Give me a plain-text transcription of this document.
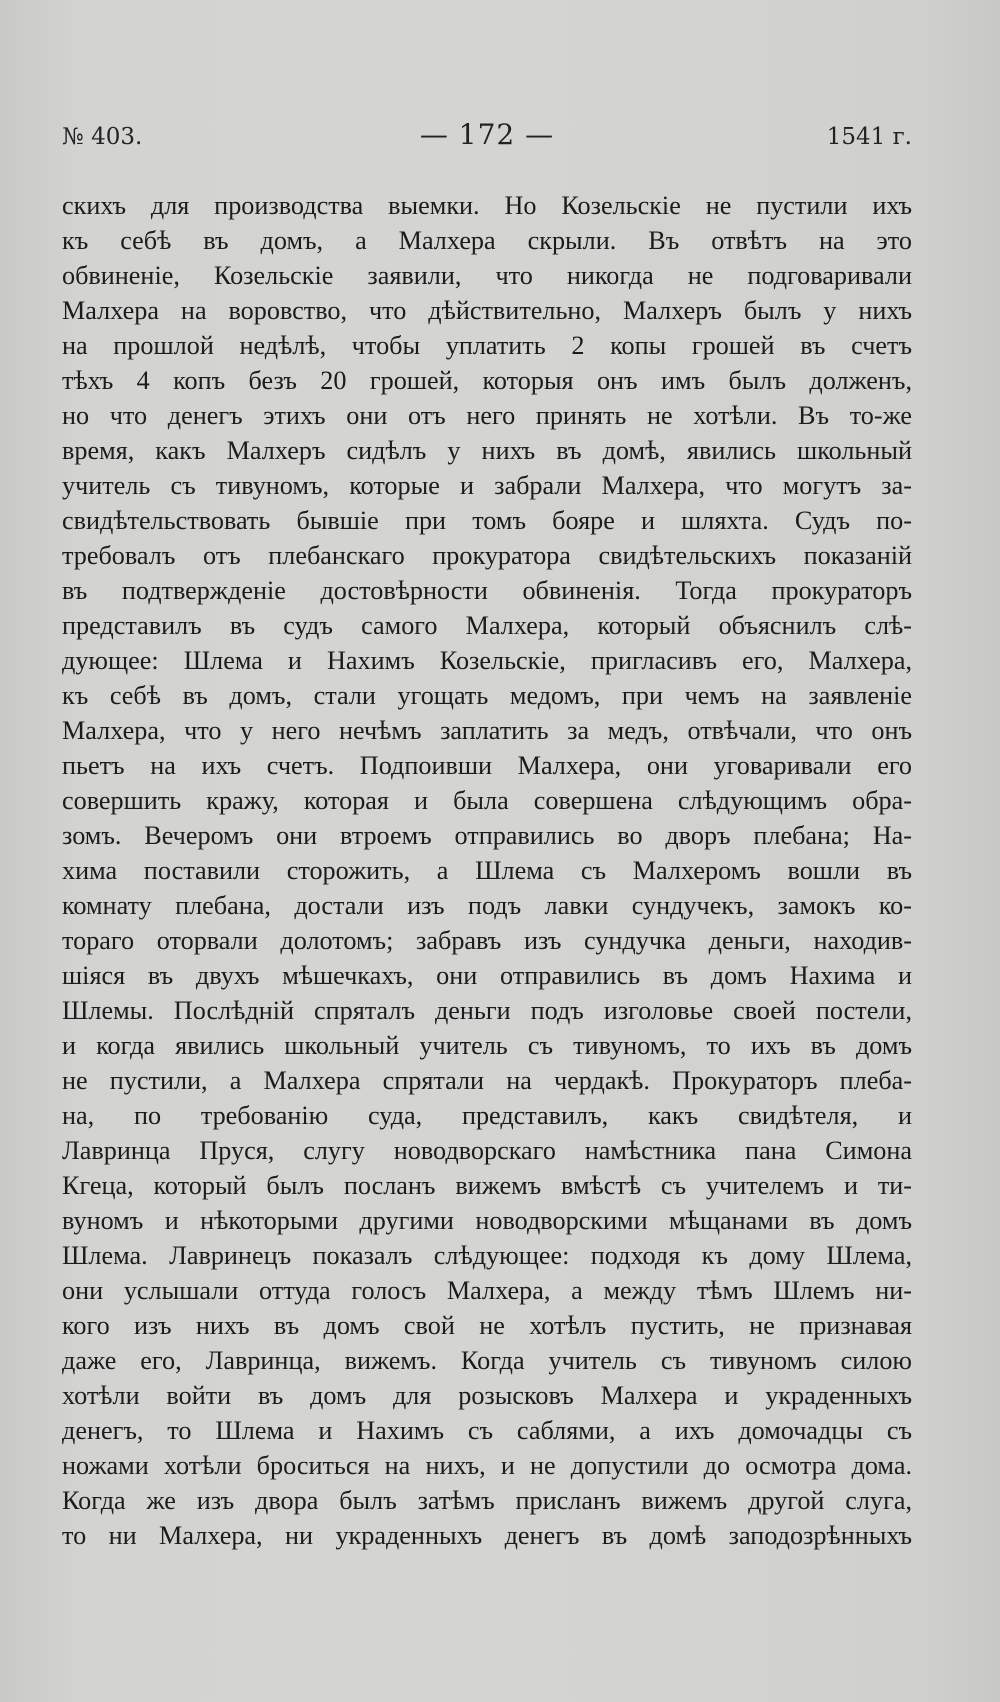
№ 403.	— 172 —	1541 г.
скихъ для производства выемки. Но Козельскіе не пустили ихъ
къ себѣ въ домъ, а Малхера скрыли. Въ отвѣтъ на это
обвиненіе, Козельскіе заявили, что никогда не подговаривали
Малхера на воровство, что дѣйствительно, Малхеръ былъ у нихъ
на прошлой недѣлѣ, чтобы уплатить 2 копы грошей въ счетъ
тѣхъ 4 копъ безъ 20 грошей, которыя онъ имъ былъ долженъ,
но что денегъ этихъ они отъ него принять не хотѣли. Въ то-же
время, какъ Малхеръ сидѣлъ у нихъ въ домѣ, явились школьный
учитель съ тивуномъ, которые и забрали Малхера, что могутъ за-
свидѣтельствовать бывшіе при томъ бояре и шляхта. Судъ по-
требовалъ отъ плебанскаго прокуратора свидѣтельскихъ показаній
въ подтвержденіе достовѣрности обвиненія. Тогда прокураторъ
представилъ въ судъ самого Малхера, который объяснилъ слѣ-
дующее: Шлема и Нахимъ Козельскіе, пригласивъ его, Малхера,
къ себѣ въ домъ, стали угощать медомъ, при чемъ на заявленіе
Малхера, что у него нечѣмъ заплатить за медъ, отвѣчали, что онъ
пьетъ на ихъ счетъ. Подпоивши Малхера, они уговаривали его
совершить кражу, которая и была совершена слѣдующимъ обра-
зомъ. Вечеромъ они втроемъ отправились во дворъ плебана; На-
хима поставили сторожить, а Шлема съ Малхеромъ вошли въ
комнату плебана, достали изъ подъ лавки сундучекъ, замокъ ко-
тораго оторвали долотомъ; забравъ изъ сундучка деньги, находив-
шіяся въ двухъ мѣшечкахъ, они отправились въ домъ Нахима и
Шлемы. Послѣдній спряталъ деньги подъ изголовье своей постели,
и когда явились школьный учитель съ тивуномъ, то ихъ въ домъ
не пустили, а Малхера спрятали на чердакѣ. Прокураторъ плеба-
на, по требованію суда, представилъ, какъ свидѣтеля, и
Лавринца Пруся, слугу новодворскаго намѣстника пана Симона
Кгеца, который былъ посланъ вижемъ вмѣстѣ съ учителемъ и ти-
вуномъ и нѣкоторыми другими новодворскими мѣщанами въ домъ
Шлема. Лавринецъ показалъ слѣдующее: подходя къ дому Шлема,
они услышали оттуда голосъ Малхера, а между тѣмъ Шлемъ ни-
кого изъ нихъ въ домъ свой не хотѣлъ пустить, не признавая
даже его, Лавринца, вижемъ. Когда учитель съ тивуномъ силою
хотѣли войти въ домъ для розысковъ Малхера и украденныхъ
денегъ, то Шлема и Нахимъ съ саблями, а ихъ домочадцы съ
ножами хотѣли броситься на нихъ, и не допустили до осмотра дома.
Когда же изъ двора былъ затѣмъ присланъ вижемъ другой слуга,
то ни Малхера, ни украденныхъ денегъ въ домѣ заподозрѣнныхъ
